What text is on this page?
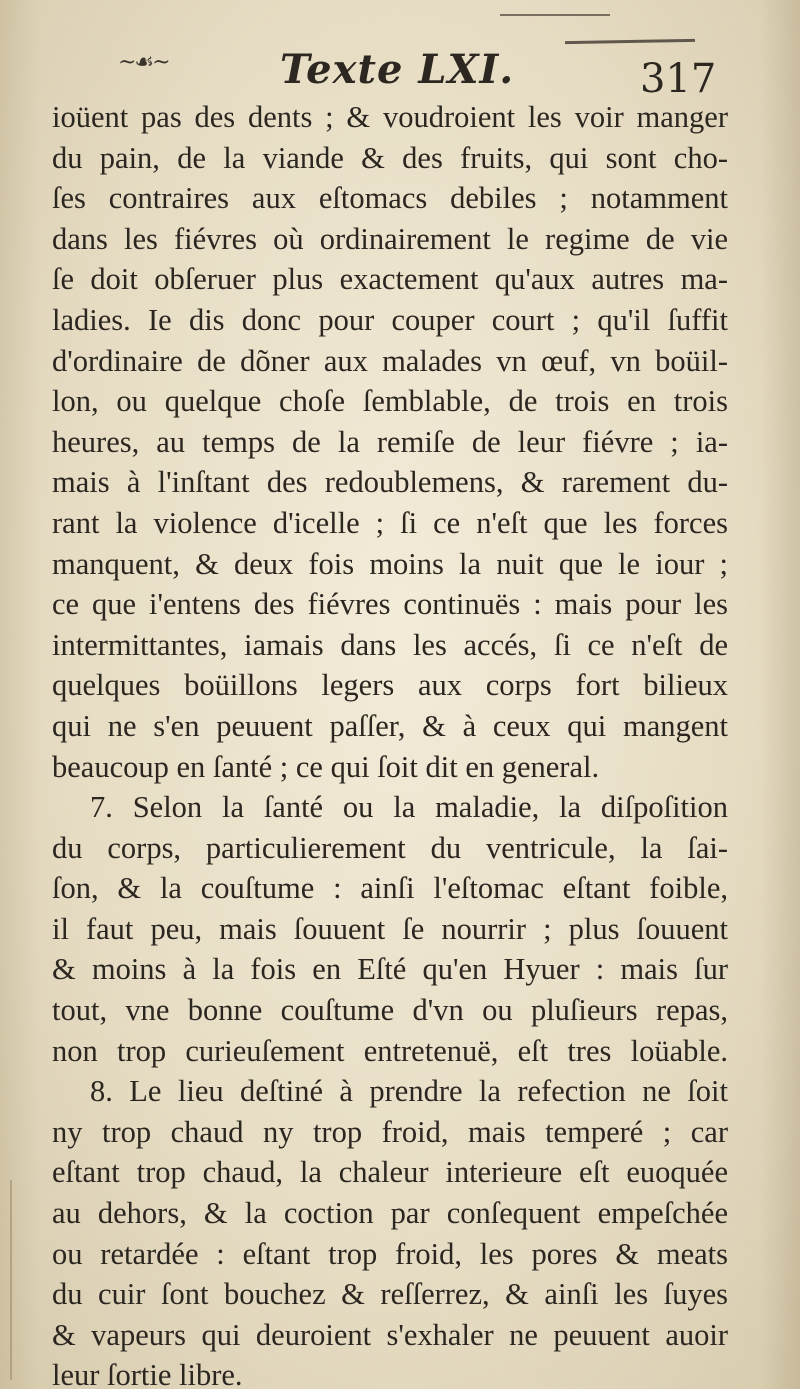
~☙~	Texte LXI.	317
ioüent pas des dents ; & voudroient les voir manger
du pain, de la viande & des fruits, qui sont cho-
ſes contraires aux eſtomacs debiles ; notamment
dans les fiévres où ordinairement le regime de vie
ſe doit obſeruer plus exactement qu'aux autres ma-
ladies. Ie dis donc pour couper court ; qu'il ſuffit
d'ordinaire de dõner aux malades vn œuf, vn boüil-
lon, ou quelque choſe ſemblable, de trois en trois
heures, au temps de la remiſe de leur fiévre ; ia-
mais à l'inſtant des redoublemens, & rarement du-
rant la violence d'icelle ; ſi ce n'eſt que les forces
manquent, & deux fois moins la nuit que le iour ;
ce que i'entens des fiévres continuës : mais pour les
intermittantes, iamais dans les accés, ſi ce n'eſt de
quelques boüillons legers aux corps fort bilieux
qui ne s'en peuuent paſſer, & à ceux qui mangent
beaucoup en ſanté ; ce qui ſoit dit en general.
7. Selon la ſanté ou la maladie, la diſpoſition
du corps, particulierement du ventricule, la ſai-
ſon, & la couſtume : ainſi l'eſtomac eſtant foible,
il faut peu, mais ſouuent ſe nourrir ; plus ſouuent
& moins à la fois en Eſté qu'en Hyuer : mais ſur
tout, vne bonne couſtume d'vn ou pluſieurs repas,
non trop curieuſement entretenuë, eſt tres loüable.
8. Le lieu deſtiné à prendre la refection ne ſoit
ny trop chaud ny trop froid, mais temperé ; car
eſtant trop chaud, la chaleur interieure eſt euoquée
au dehors, & la coction par conſequent empeſchée
ou retardée : eſtant trop froid, les pores & meats
du cuir ſont bouchez & reſſerrez, & ainſi les ſuyes
& vapeurs qui deuroient s'exhaler ne peuuent auoir
leur ſortie libre.
